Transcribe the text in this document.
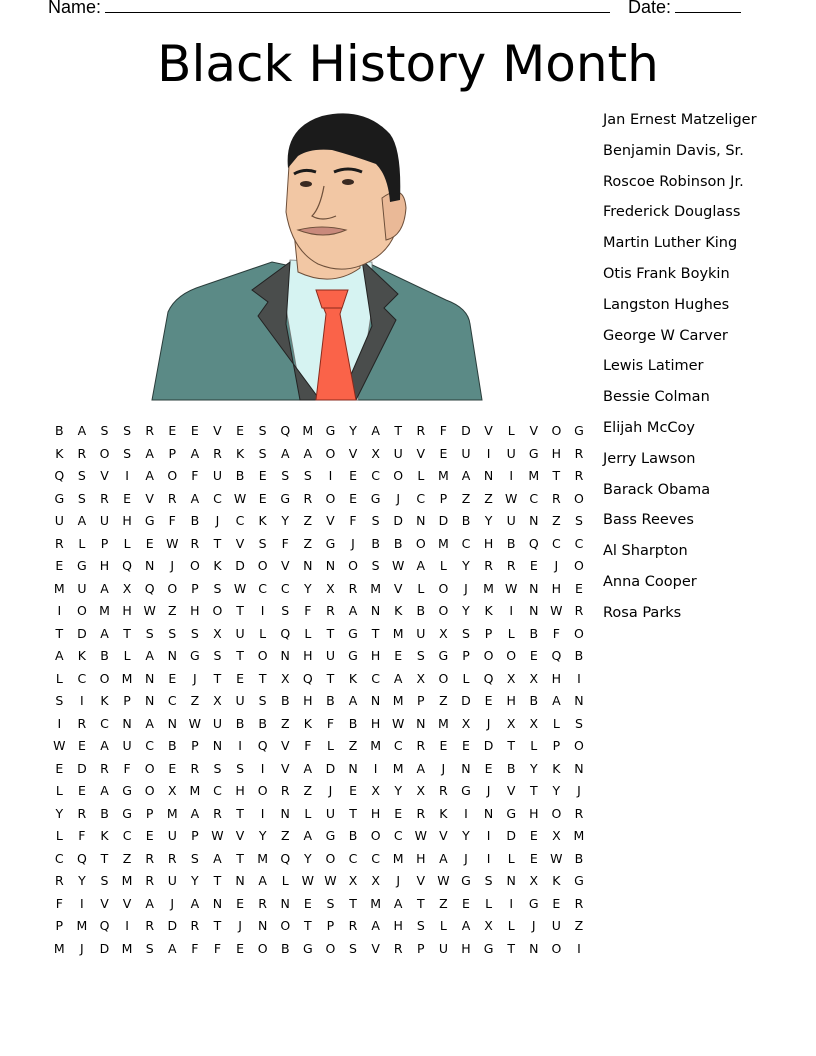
Name:	Date:
Black History Month
Jan Ernest Matzeliger
Benjamin Davis, Sr.
Roscoe Robinson Jr.
Frederick Douglass
Martin Luther King
Otis Frank Boykin
Langston Hughes
George W Carver
Lewis Latimer
Bessie Colman
Elijah McCoy
Jerry Lawson
Barack Obama
Bass Reeves
Al Sharpton
Anna Cooper
Rosa Parks
B	A	S	S	R	E	E	V	E	S	Q M G	Y	A	T	R	F	D	V	L	V	O	G
K	R	O	S	A	P	A	R	K	S	A	A	O	V	X	U	V	E	U	I	U	G	H	R
Q	S	V	I	A	O	F	U	B	E	S	S	I	E	C	O	L	M	A	N	I	M	T	R
G	S	R	E	V	R	A	C W E	G	R	O	E	G	J	C	P	Z	Z W C	R	O
U	A	U	H	G	F	B	J	C	K	Y	Z	V	F	S	D	N	D	B	Y	U	N	Z	S
R	L	P	L	E W R	T	V	S	F	Z	G	J	B	B	O M	C	H	B	Q	C	C
E	G	H	Q	N	J	O	K	D	O	V	N	N	O	S W A	L	Y	R	R	E	J	O
M	U	A	X	Q	O	P	S W C	C	Y	X	R	M	V	L	O	J	M W N	H	E
I	O M	H W Z	H	O	T	I	S	F	R	A	N	K	B	O	Y	K	I	N W R
T	D	A	T	S	S	S	X	U	L	Q	L	T	G	T	M	U	X	S	P	L	B	F	O
A	K	B	L	A	N	G	S	T	O	N	H	U	G	H	E	S	G	P	O	O	E	Q	B
L	C	O M	N	E	J	T	E	T	X	Q	T	K	C	A	X	O	L	Q	X	X	H	I
S	I	K	P	N	C	Z	X	U	S	B	H	B	A	N	M	P	Z	D	E	H	B	A	N
I	R	C	N	A	N W U	B	B	Z	K	F	B	H W N	M	X	J	X	X	L	S
W E	A	U	C	B	P	N	I	Q	V	F	L	Z	M	C	R	E	E	D	T	L	P	O
E	D	R	F	O	E	R	S	S	I	V	A	D	N	I	M	A	J	N	E	B	Y	K	N
L	E	A	G	O	X	M	C	H	O	R	Z	J	E	X	Y	X	R	G	J	V	T	Y	J
Y	R	B	G	P	M	A	R	T	I	N	L	U	T	H	E	R	K	I	N	G	H	O	R
L	F	K	C	E	U	P	W V	Y	Z	A	G	B	O	C W V	Y	I	D	E	X	M
C	Q	T	Z	R	R	S	A	T	M Q	Y	O	C	C	M	H	A	J	I	L	E W B
R	Y	S	M	R	U	Y	T	N	A	L	W W X	X	J	V W G	S	N	X	K	G
F	I	V	V	A	J	A	N	E	R	N	E	S	T	M	A	T	Z	E	L	I	G	E	R
P	M Q	I	R	D	R	T	J	N	O	T	P	R	A	H	S	L	A	X	L	J	U	Z
M	J	D M	S	A	F	F	E	O	B	G	O	S	V	R	P	U	H	G	T	N	O	I
